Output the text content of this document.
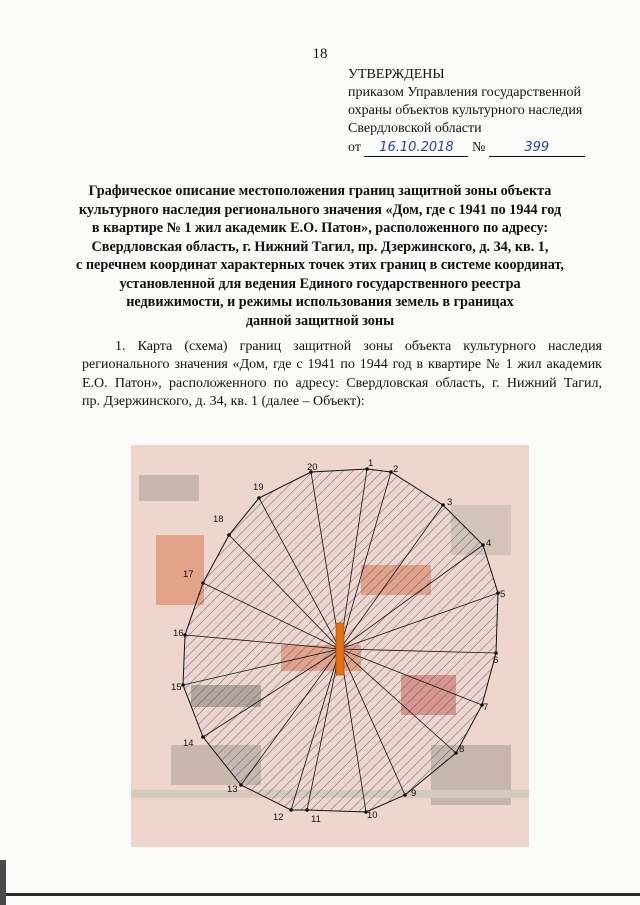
18
УТВЕРЖДЕНЫ
приказом Управления государственной
охраны объектов культурного наследия
Свердловской области
от 16.10.2018 №	399
Графическое описание местоположения границ защитной зоны объекта
культурного наследия регионального значения «Дом, где с 1941 по 1944 год
в квартире № 1 жил академик Е.О. Патон», расположенного по адресу:
Свердловская область, г. Нижний Тагил, пр. Дзержинского, д. 34, кв. 1,
с перечнем координат характерных точек этих границ в системе координат,
установленной для ведения Единого государственного реестра
недвижимости, и режимы использования земель в границах
данной защитной зоны
1. Карта (схема) границ защитной зоны объекта культурного наследия
регионального значения «Дом, где с 1941 по 1944 год в квартире № 1 жил академик
Е.О. Патон», расположенного по адресу: Свердловская область, г. Нижний Тагил,
пр. Дзержинского, д. 34, кв. 1 (далее – Объект):
1
2
3
4
5
6
7
8
9
10
11
12
13
14
15
16
17
18
19
20
